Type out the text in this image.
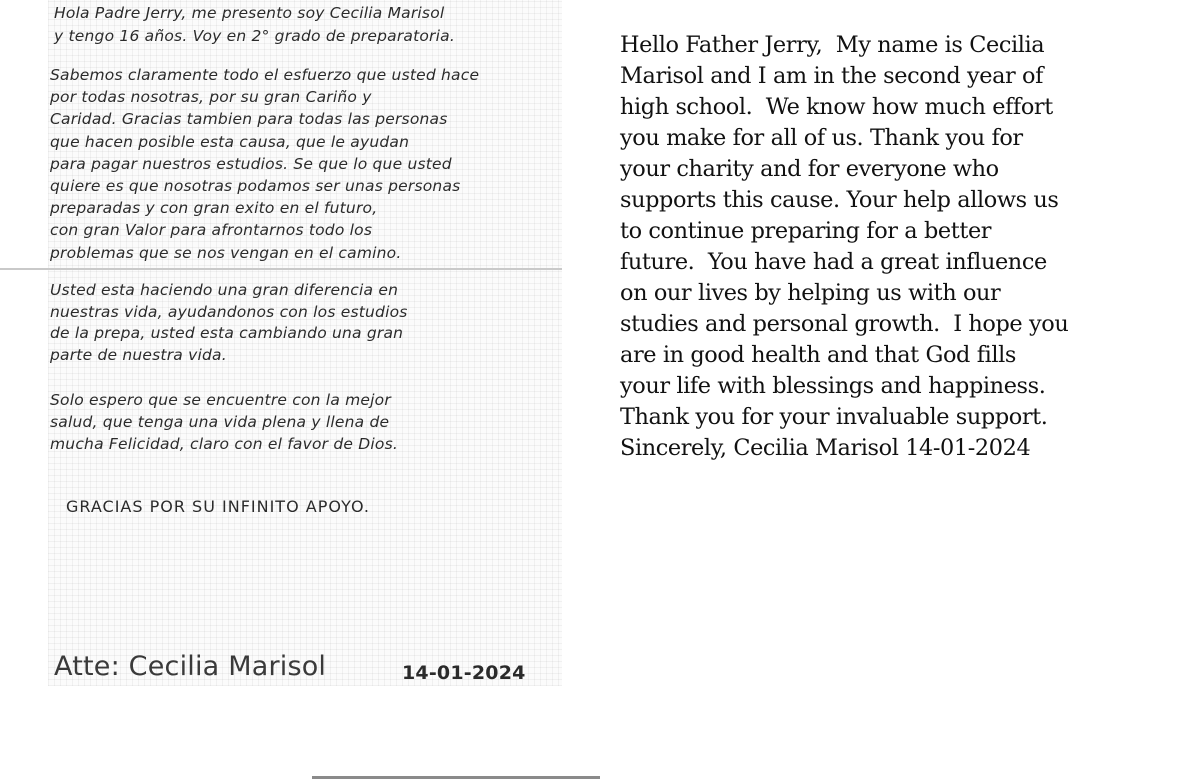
Hola Padre Jerry, me presento soy Cecilia Marisol
y tengo 16 años. Voy en 2° grado de preparatoria.

Sabemos claramente todo el esfuerzo que usted hace
por todas nosotras, por su gran Cariño y
Caridad. Gracias tambien para todas las personas
que hacen posible esta causa, que le ayudan
para pagar nuestros estudios. Se que lo que usted
quiere es que nosotras podamos ser unas personas
preparadas y con gran exito en el futuro,
con gran Valor para afrontarnos todo los
problemas que se nos vengan en el camino.

Usted esta haciendo una gran diferencia en
nuestras vida, ayudandonos con los estudios
de la prepa, usted esta cambiando una gran
parte de nuestra vida.

Solo espero que se encuentre con la mejor
salud, que tenga una vida plena y llena de
mucha Felicidad, claro con el favor de Dios.

GRACIAS POR SU INFINITO APOYO.

Atte: Cecilia Marisol	14-01-2024

Hello Father Jerry,  My name is Cecilia
Marisol and I am in the second year of
high school.  We know how much effort
you make for all of us. Thank you for
your charity and for everyone who
supports this cause. Your help allows us
to continue preparing for a better
future.  You have had a great influence
on our lives by helping us with our
studies and personal growth.  I hope you
are in good health and that God fills
your life with blessings and happiness.
Thank you for your invaluable support.
Sincerely, Cecilia Marisol 14-01-2024
